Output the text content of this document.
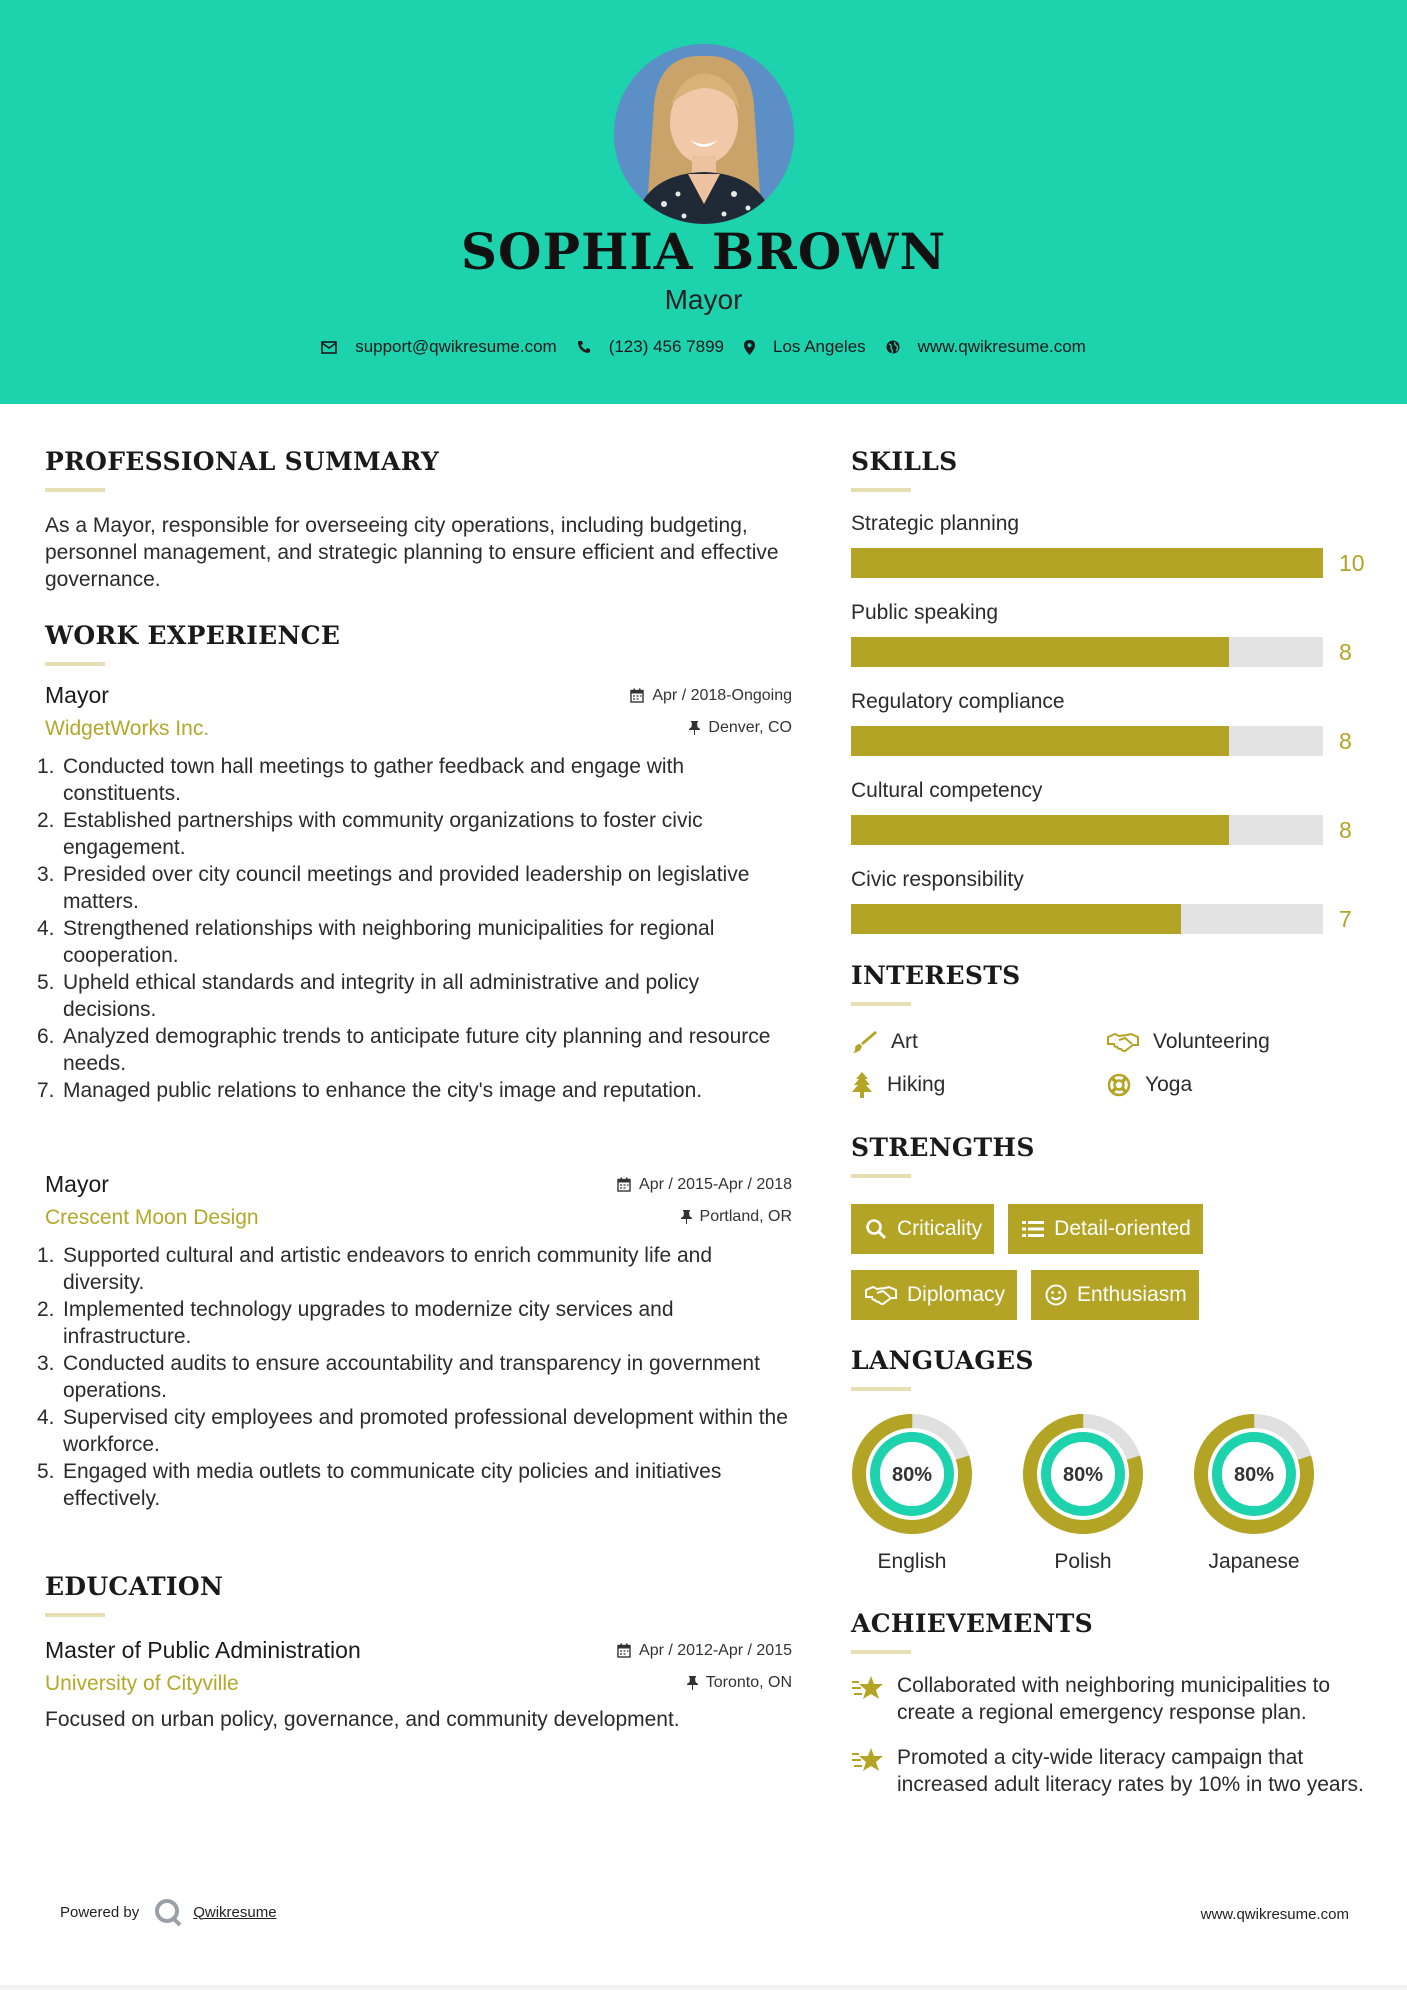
SOPHIA BROWN
Mayor
support@qwikresume.com	(123) 456 7899	Los Angeles	www.qwikresume.com
PROFESSIONAL SUMMARY
As a Mayor, responsible for overseeing city operations, including budgeting, personnel management, and strategic planning to ensure efficient and effective governance.
WORK EXPERIENCE
Mayor	Apr / 2018-Ongoing
WidgetWorks Inc.	Denver, CO
1. Conducted town hall meetings to gather feedback and engage with constituents.
2. Established partnerships with community organizations to foster civic engagement.
3. Presided over city council meetings and provided leadership on legislative matters.
4. Strengthened relationships with neighboring municipalities for regional cooperation.
5. Upheld ethical standards and integrity in all administrative and policy decisions.
6. Analyzed demographic trends to anticipate future city planning and resource needs.
7. Managed public relations to enhance the city's image and reputation.
Mayor	Apr / 2015-Apr / 2018
Crescent Moon Design	Portland, OR
1. Supported cultural and artistic endeavors to enrich community life and diversity.
2. Implemented technology upgrades to modernize city services and infrastructure.
3. Conducted audits to ensure accountability and transparency in government operations.
4. Supervised city employees and promoted professional development within the workforce.
5. Engaged with media outlets to communicate city policies and initiatives effectively.
EDUCATION
Master of Public Administration	Apr / 2012-Apr / 2015
University of Cityville	Toronto, ON
Focused on urban policy, governance, and community development.
SKILLS
Strategic planning
10
Public speaking
8
Regulatory compliance
8
Cultural competency
8
Civic responsibility
7
INTERESTS
Art	Volunteering
Hiking	Yoga
STRENGTHS
Criticality	Detail-oriented
Diplomacy	Enthusiasm
LANGUAGES
80%
English
80%
Polish
80%
Japanese
ACHIEVEMENTS
Collaborated with neighboring municipalities to create a regional emergency response plan.
Promoted a city-wide literacy campaign that increased adult literacy rates by 10% in two years.
Powered by	Qwikresume	www.qwikresume.com
